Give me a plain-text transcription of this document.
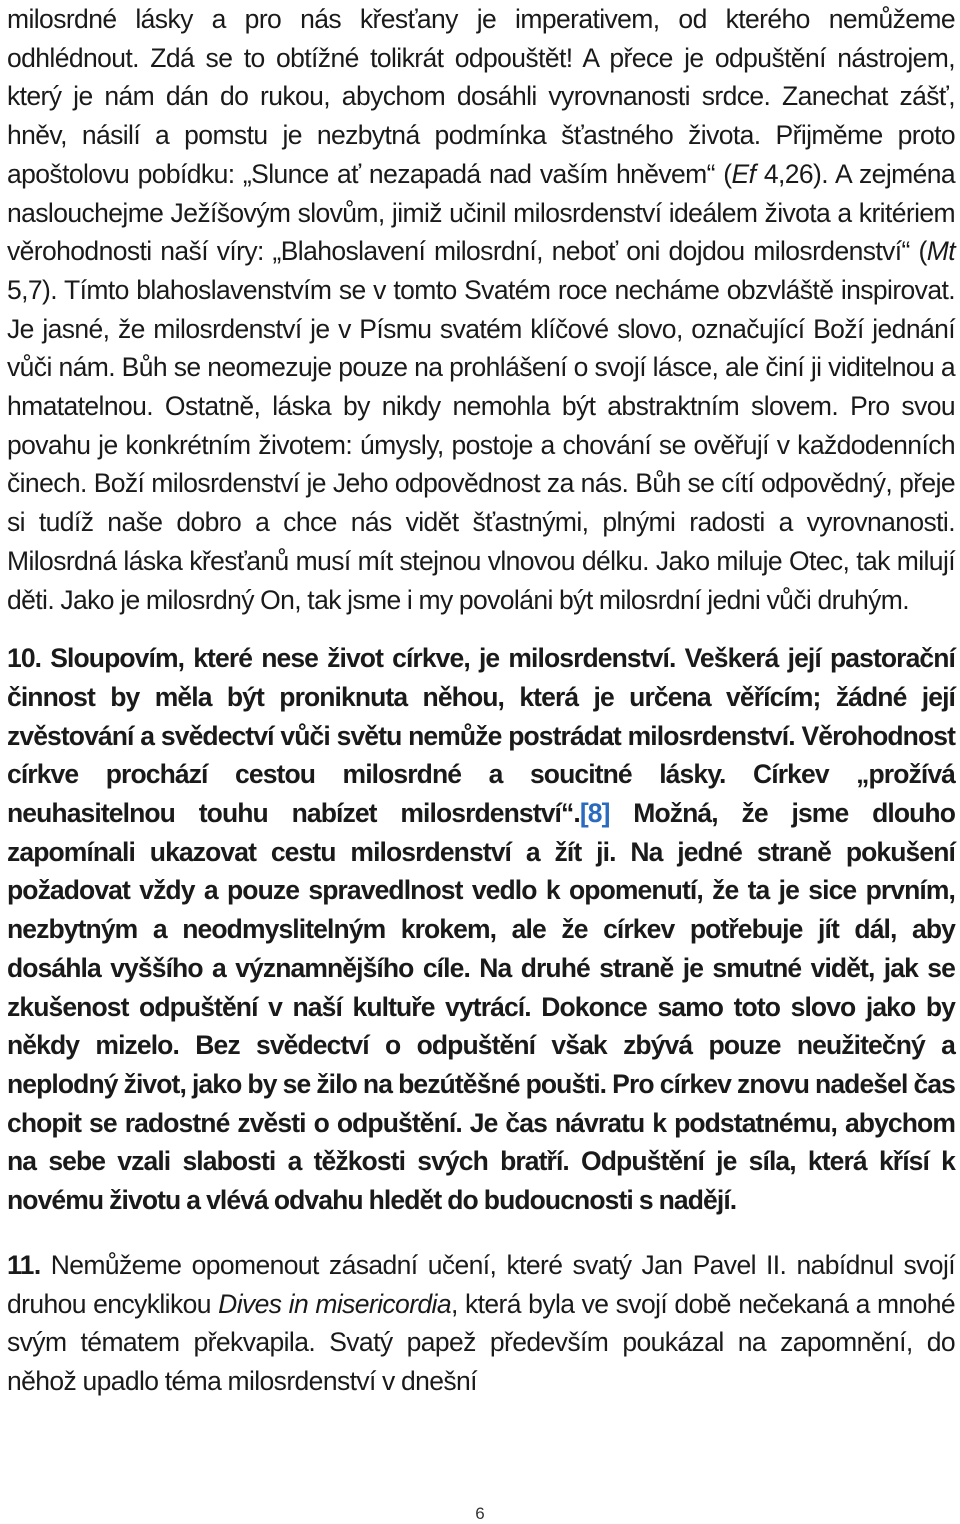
milosrdné lásky a pro nás křesťany je imperativem, od kterého nemůžeme odhlédnout. Zdá se to obtížné tolikrát odpouštět! A přece je odpuštění nástrojem, který je nám dán do rukou, abychom dosáhli vyrovnanosti srdce. Zanechat zášť, hněv, násilí a pomstu je nezbytná podmínka šťastného života. Přijměme proto apoštolovu pobídku: „Slunce ať nezapadá nad vaším hněvem“ (Ef 4,26). A zejména naslouchejme Ježíšovým slovům, jimiž učinil milosrdenství ideálem života a kritériem věrohodnosti naší víry: „Blahoslavení milosrdní, neboť oni dojdou milosrdenství“ (Mt 5,7). Tímto blahoslavenstvím se v tomto Svatém roce necháme obzvláště inspirovat. Je jasné, že milosrdenství je v Písmu svatém klíčové slovo, označující Boží jednání vůči nám. Bůh se neomezuje pouze na prohlášení o svojí lásce, ale činí ji viditelnou a hmatatelnou. Ostatně, láska by nikdy nemohla být abstraktním slovem. Pro svou povahu je konkrétním životem: úmysly, postoje a chování se ověřují v každodenních činech. Boží milosrdenství je Jeho odpovědnost za nás. Bůh se cítí odpovědný, přeje si tudíž naše dobro a chce nás vidět šťastnými, plnými radosti a vyrovnanosti. Milosrdná láska křesťanů musí mít stejnou vlnovou délku. Jako miluje Otec, tak milují děti. Jako je milosrdný On, tak jsme i my povoláni být milosrdní jedni vůči druhým.

10. Sloupovím, které nese život církve, je milosrdenství. Veškerá její pastorační činnost by měla být proniknuta něhou, která je určena věřícím; žádné její zvěstování a svědectví vůči světu nemůže postrádat milosrdenství. Věrohodnost církve prochází cestou milosrdné a soucitné lásky. Církev „prožívá neuhasitelnou touhu nabízet milosrdenství“.[8] Možná, že jsme dlouho zapomínali ukazovat cestu milosrdenství a žít ji. Na jedné straně pokušení požadovat vždy a pouze spravedlnost vedlo k opomenutí, že ta je sice prvním, nezbytným a neodmyslitelným krokem, ale že církev potřebuje jít dál, aby dosáhla vyššího a významnějšího cíle. Na druhé straně je smutné vidět, jak se zkušenost odpuštění v naší kultuře vytrácí. Dokonce samo toto slovo jako by někdy mizelo. Bez svědectví o odpuštění však zbývá pouze neužitečný a neplodný život, jako by se žilo na bezútěšné poušti. Pro církev znovu nadešel čas chopit se radostné zvěsti o odpuštění. Je čas návratu k podstatnému, abychom na sebe vzali slabosti a těžkosti svých bratří. Odpuštění je síla, která křísí k novému životu a vlévá odvahu hledět do budoucnosti s nadějí.

11. Nemůžeme opomenout zásadní učení, které svatý Jan Pavel II. nabídnul svojí druhou encyklikou Dives in misericordia, která byla ve svojí době nečekaná a mnohé svým tématem překvapila. Svatý papež především poukázal na zapomnění, do něhož upadlo téma milosrdenství v dnešní

6
